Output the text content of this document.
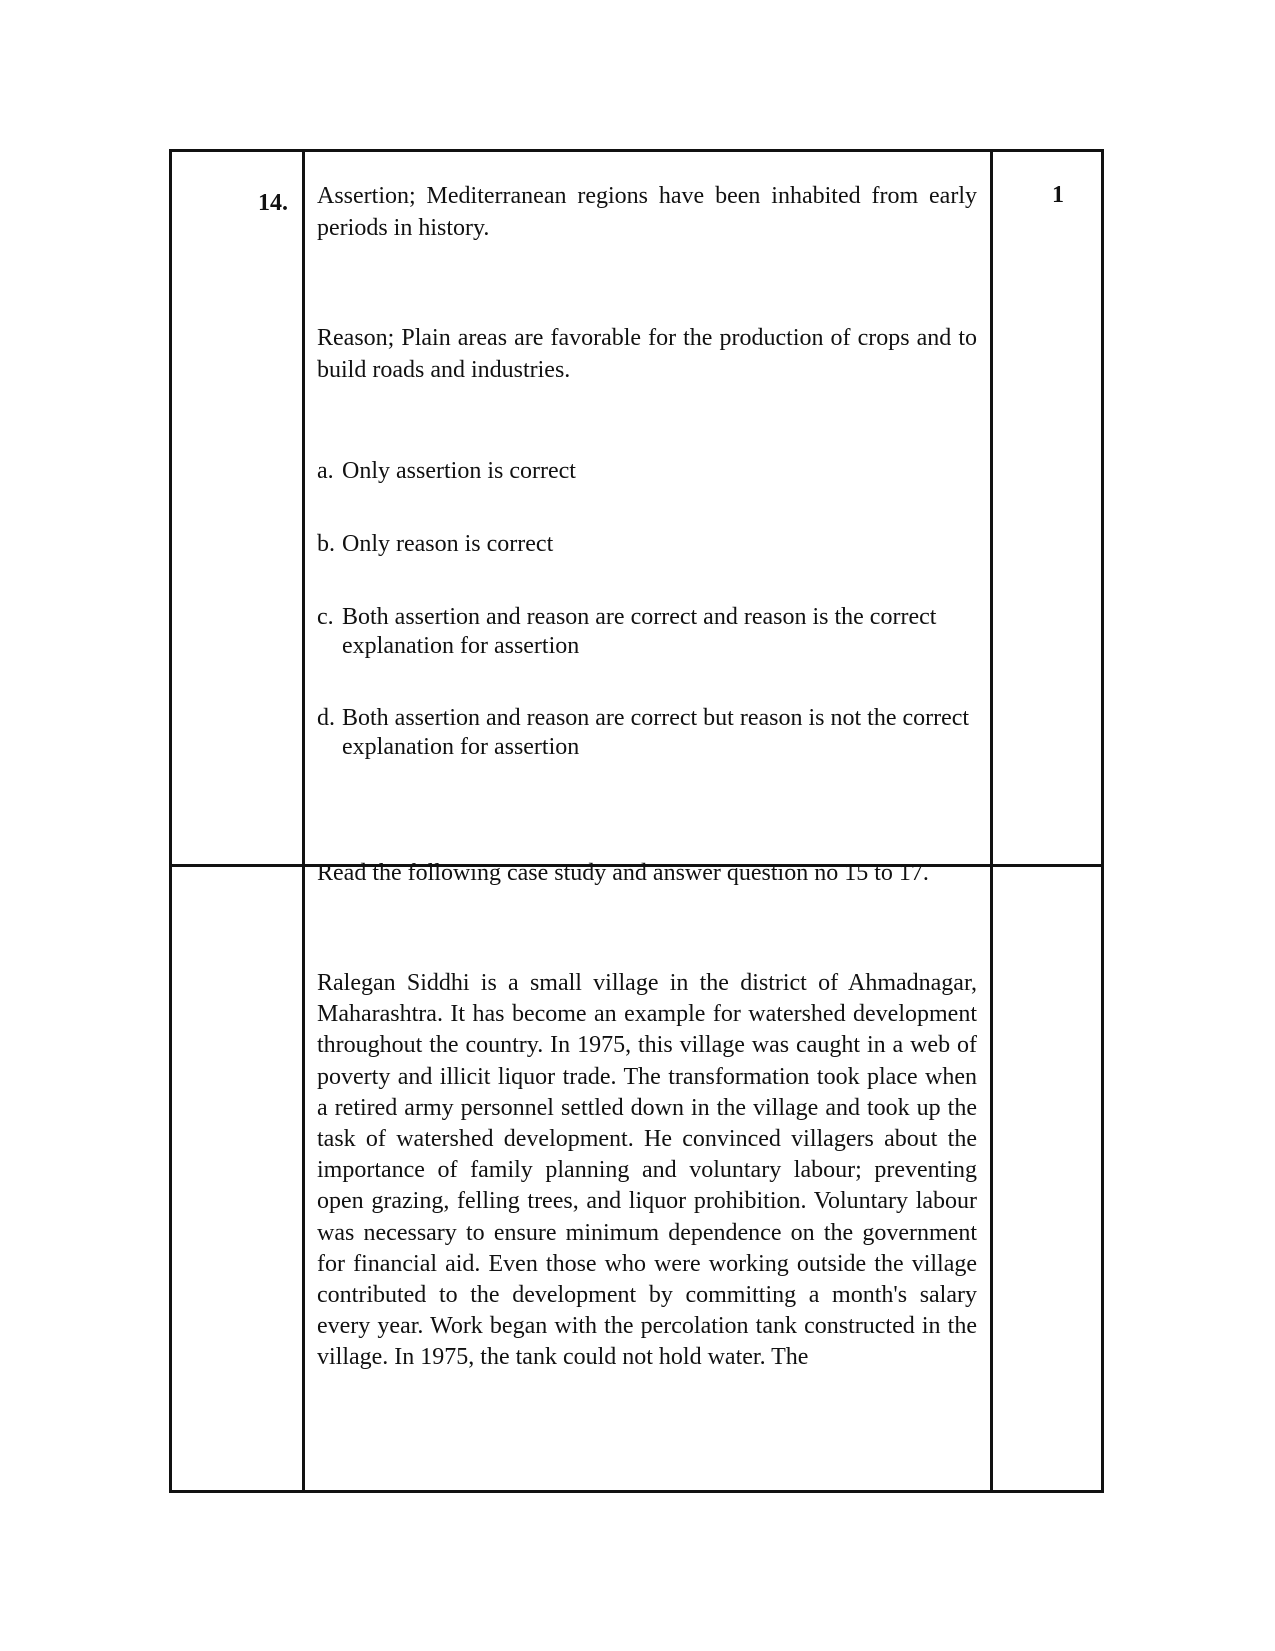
14.	1
Assertion; Mediterranean regions have been inhabited from early periods in history.
Reason; Plain areas are favorable for the production of crops and to build roads and industries.
a. Only assertion is correct
b. Only reason is correct
c. Both assertion and reason are correct and reason is the correct explanation for assertion
d. Both assertion and reason are correct but reason is not the correct explanation for assertion
Read the following case study and answer question no 15 to 17.
Ralegan Siddhi is a small village in the district of Ahmadnagar, Maharashtra. It has become an example for watershed development throughout the country. In 1975, this village was caught in a web of poverty and illicit liquor trade. The transformation took place when a retired army personnel settled down in the village and took up the task of watershed development. He convinced villagers about the importance of family planning and voluntary labour; preventing open grazing, felling trees, and liquor prohibition. Voluntary labour was necessary to ensure minimum dependence on the government for financial aid. Even those who were working outside the village contributed to the development by committing a month's salary every year. Work began with the percolation tank constructed in the village. In 1975, the tank could not hold water. The
